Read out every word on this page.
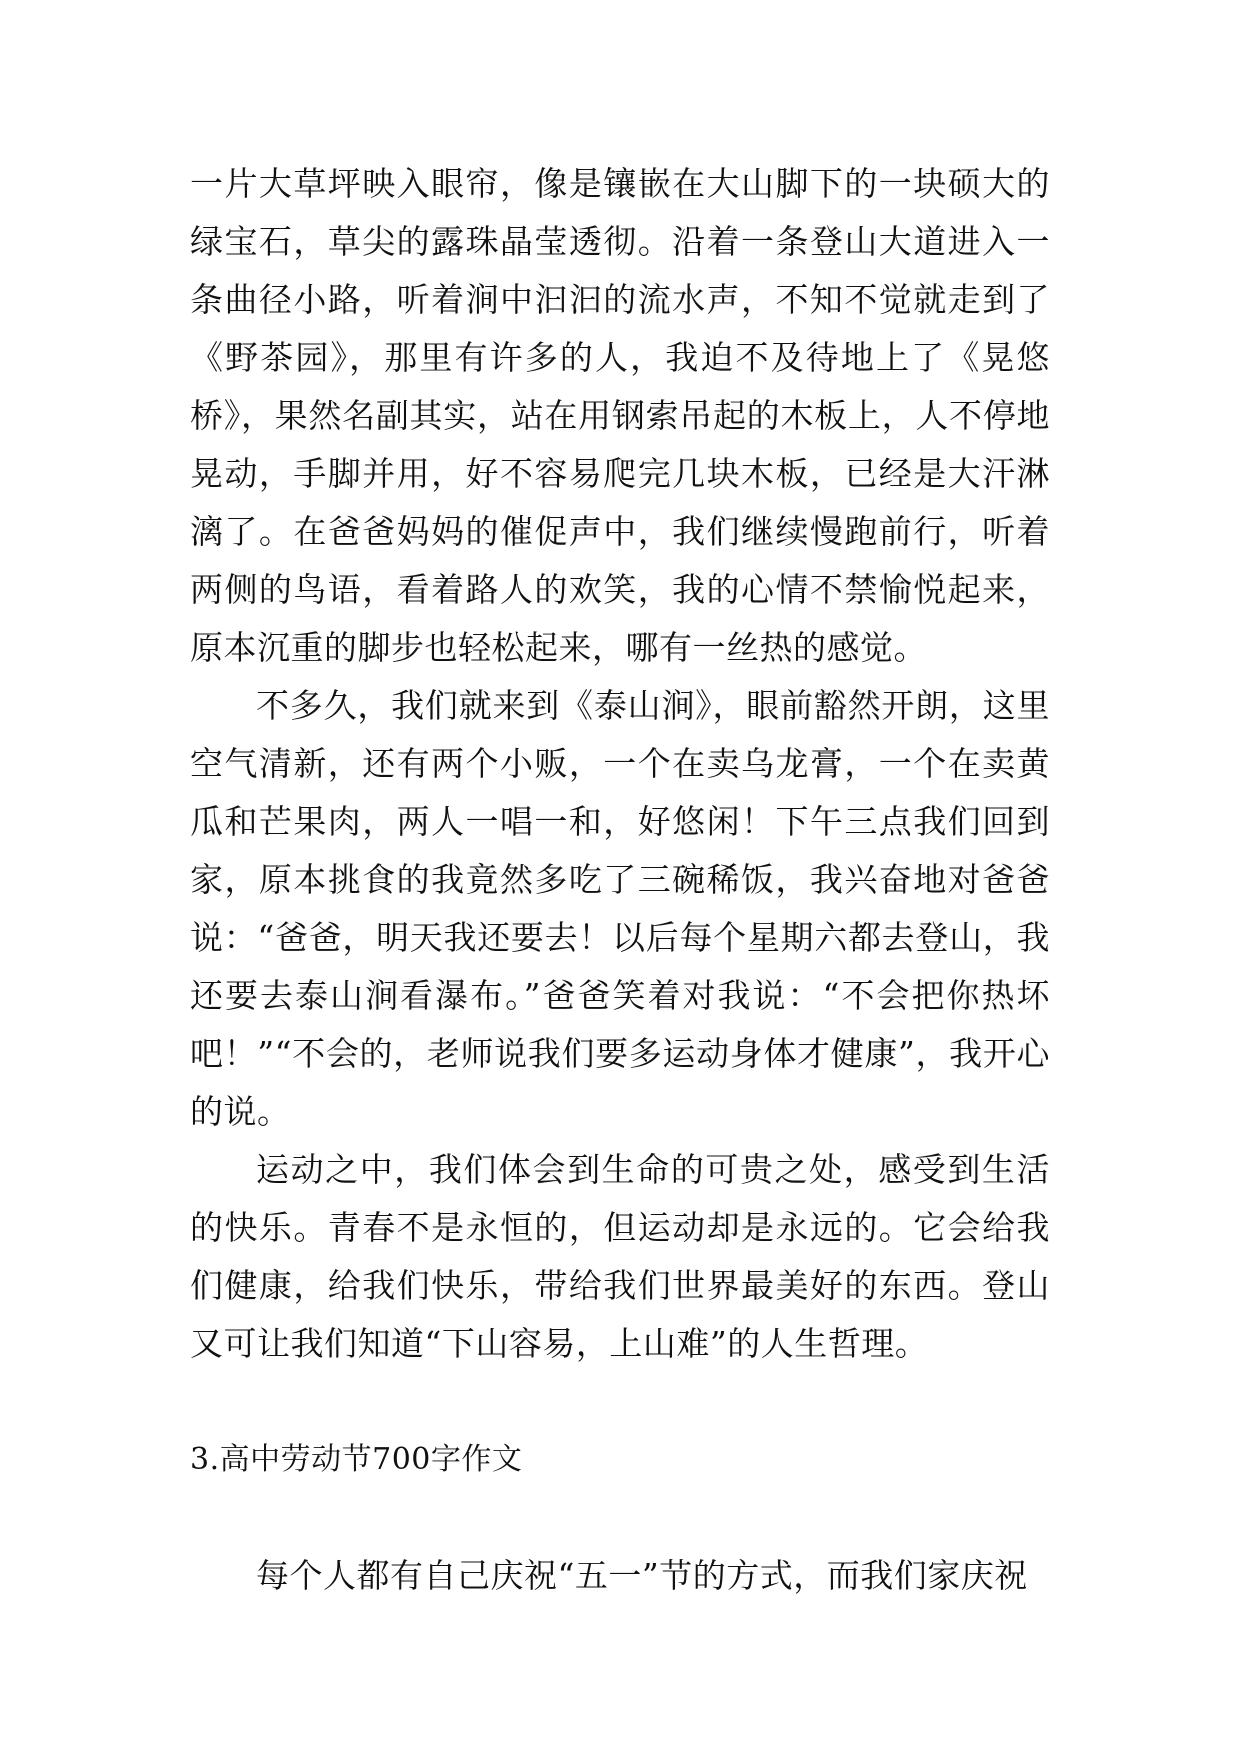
一片大草坪映入眼帘，像是镶嵌在大山脚下的一块硕大的绿宝石，草尖的露珠晶莹透彻。沿着一条登山大道进入一条曲径小路，听着涧中汩汩的流水声，不知不觉就走到了《野茶园》，那里有许多的人，我迫不及待地上了《晃悠桥》，果然名副其实，站在用钢索吊起的木板上，人不停地晃动，手脚并用，好不容易爬完几块木板，已经是大汗淋漓了。在爸爸妈妈的催促声中，我们继续慢跑前行，听着两侧的鸟语，看着路人的欢笑，我的心情不禁愉悦起来，原本沉重的脚步也轻松起来，哪有一丝热的感觉。

不多久，我们就来到《泰山涧》，眼前豁然开朗，这里空气清新，还有两个小贩，一个在卖乌龙膏，一个在卖黄瓜和芒果肉，两人一唱一和，好悠闲！下午三点我们回到家，原本挑食的我竟然多吃了三碗稀饭，我兴奋地对爸爸说：“爸爸，明天我还要去！以后每个星期六都去登山，我还要去泰山涧看瀑布。”爸爸笑着对我说：“不会把你热坏吧！”“不会的，老师说我们要多运动身体才健康”，我开心的说。

运动之中，我们体会到生命的可贵之处，感受到生活的快乐。青春不是永恒的，但运动却是永远的。它会给我们健康，给我们快乐，带给我们世界最美好的东西。登山又可让我们知道“下山容易，上山难”的人生哲理。

3.高中劳动节700字作文

每个人都有自己庆祝“五一”节的方式，而我们家庆祝
